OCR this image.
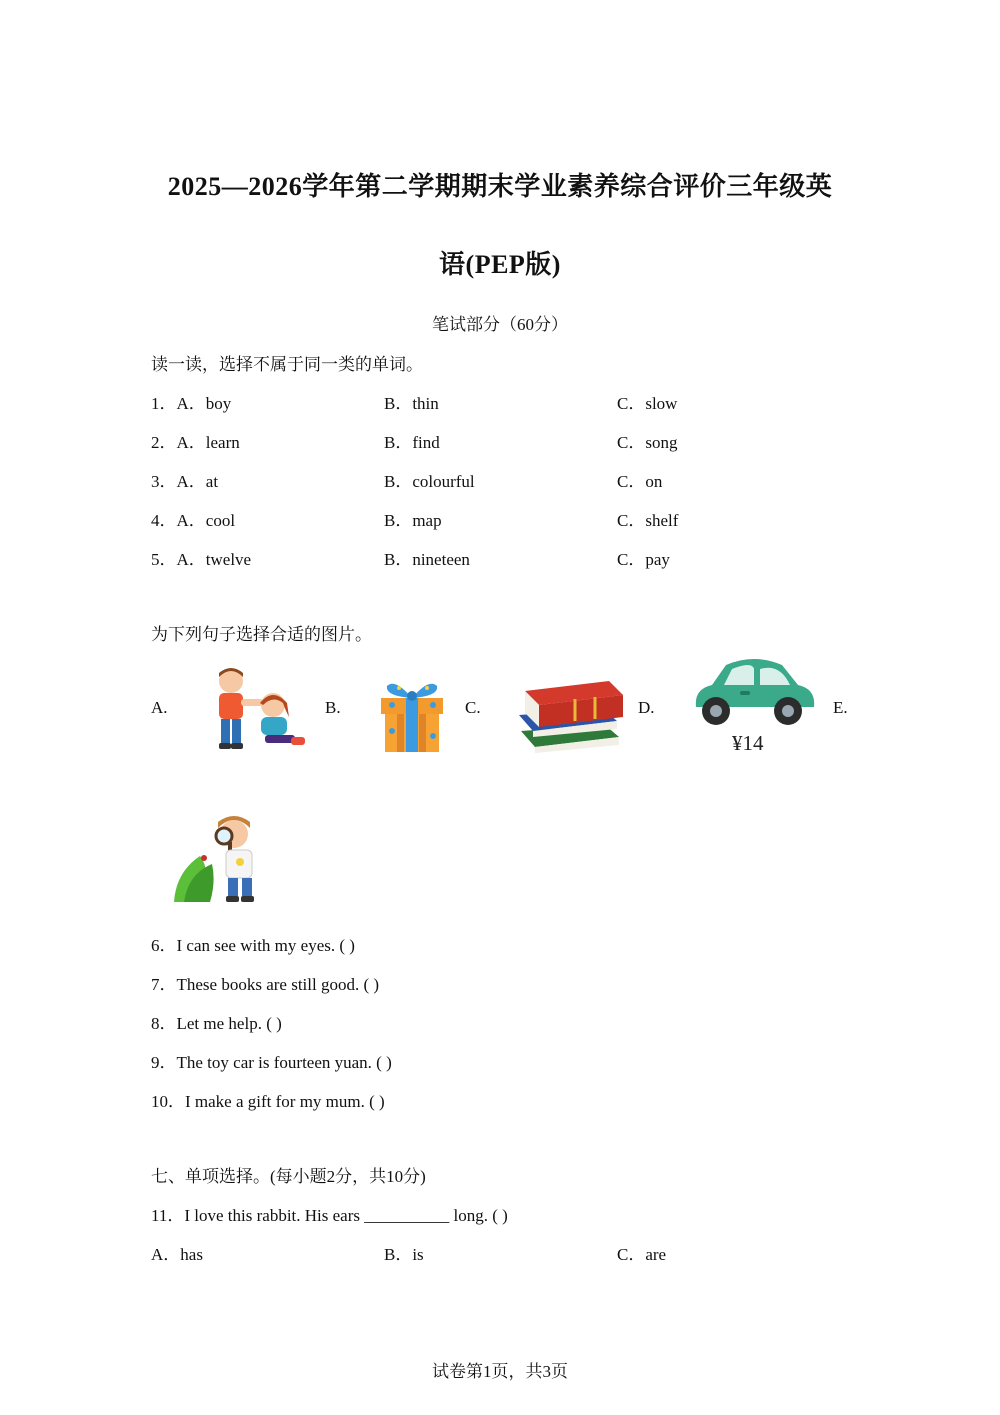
2025—2026学年第二学期期末学业素养综合评价三年级英
语(PEP版)
笔试部分（60分）
读一读，选择不属于同一类的单词。
1．A．boy	B．thin	C．slow
2．A．learn	B．find	C．song
3．A．at	B．colourful	C．on
4．A．cool	B．map	C．shelf
5．A．twelve	B．nineteen	C．pay
为下列句子选择合适的图片。
A.	B.	C.	D.
¥14
E.
6．I can see with my eyes. ( )
7．These books are still good. ( )
8．Let me help. ( )
9．The toy car is fourteen yuan. ( )
10．I make a gift for my mum. ( )
七、单项选择。(每小题2分，共10分)
11．I love this rabbit. His ears __________ long. ( )
A．has	B．is	C．are
试卷第1页，共3页
